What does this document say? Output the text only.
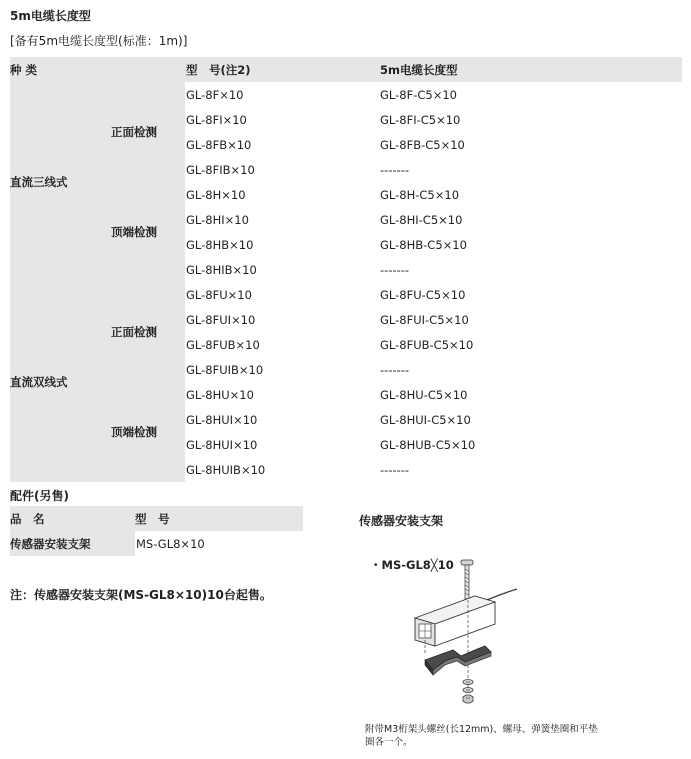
5m电缆长度型
[备有5m电缆长度型(标准：1m)]
种 类		型　号(注2)	5m电缆长度型
直流三线式	正面检测	GL-8F×10	GL-8F-C5×10
		GL-8FI×10	GL-8FI-C5×10
		GL-8FB×10	GL-8FB-C5×10
		GL-8FIB×10	-------
	顶端检测	GL-8H×10	GL-8H-C5×10
		GL-8HI×10	GL-8HI-C5×10
		GL-8HB×10	GL-8HB-C5×10
		GL-8HIB×10	-------
直流双线式	正面检测	GL-8FU×10	GL-8FU-C5×10
		GL-8FUI×10	GL-8FUI-C5×10
		GL-8FUB×10	GL-8FUB-C5×10
		GL-8FUIB×10	-------
	顶端检测	GL-8HU×10	GL-8HU-C5×10
		GL-8HUI×10	GL-8HUI-C5×10
		GL-8HUI×10	GL-8HUB-C5×10
		GL-8HUIB×10	-------
配件(另售)
品　名	型　号
传感器安装支架	MS-GL8×10
注：传感器安装支架(MS-GL8×10)10台起售。
传感器安装支架
・MS-GL8╳10
附带M3桁架头螺丝(长12mm)、螺母、弹簧垫圈和平垫圈各一个。
